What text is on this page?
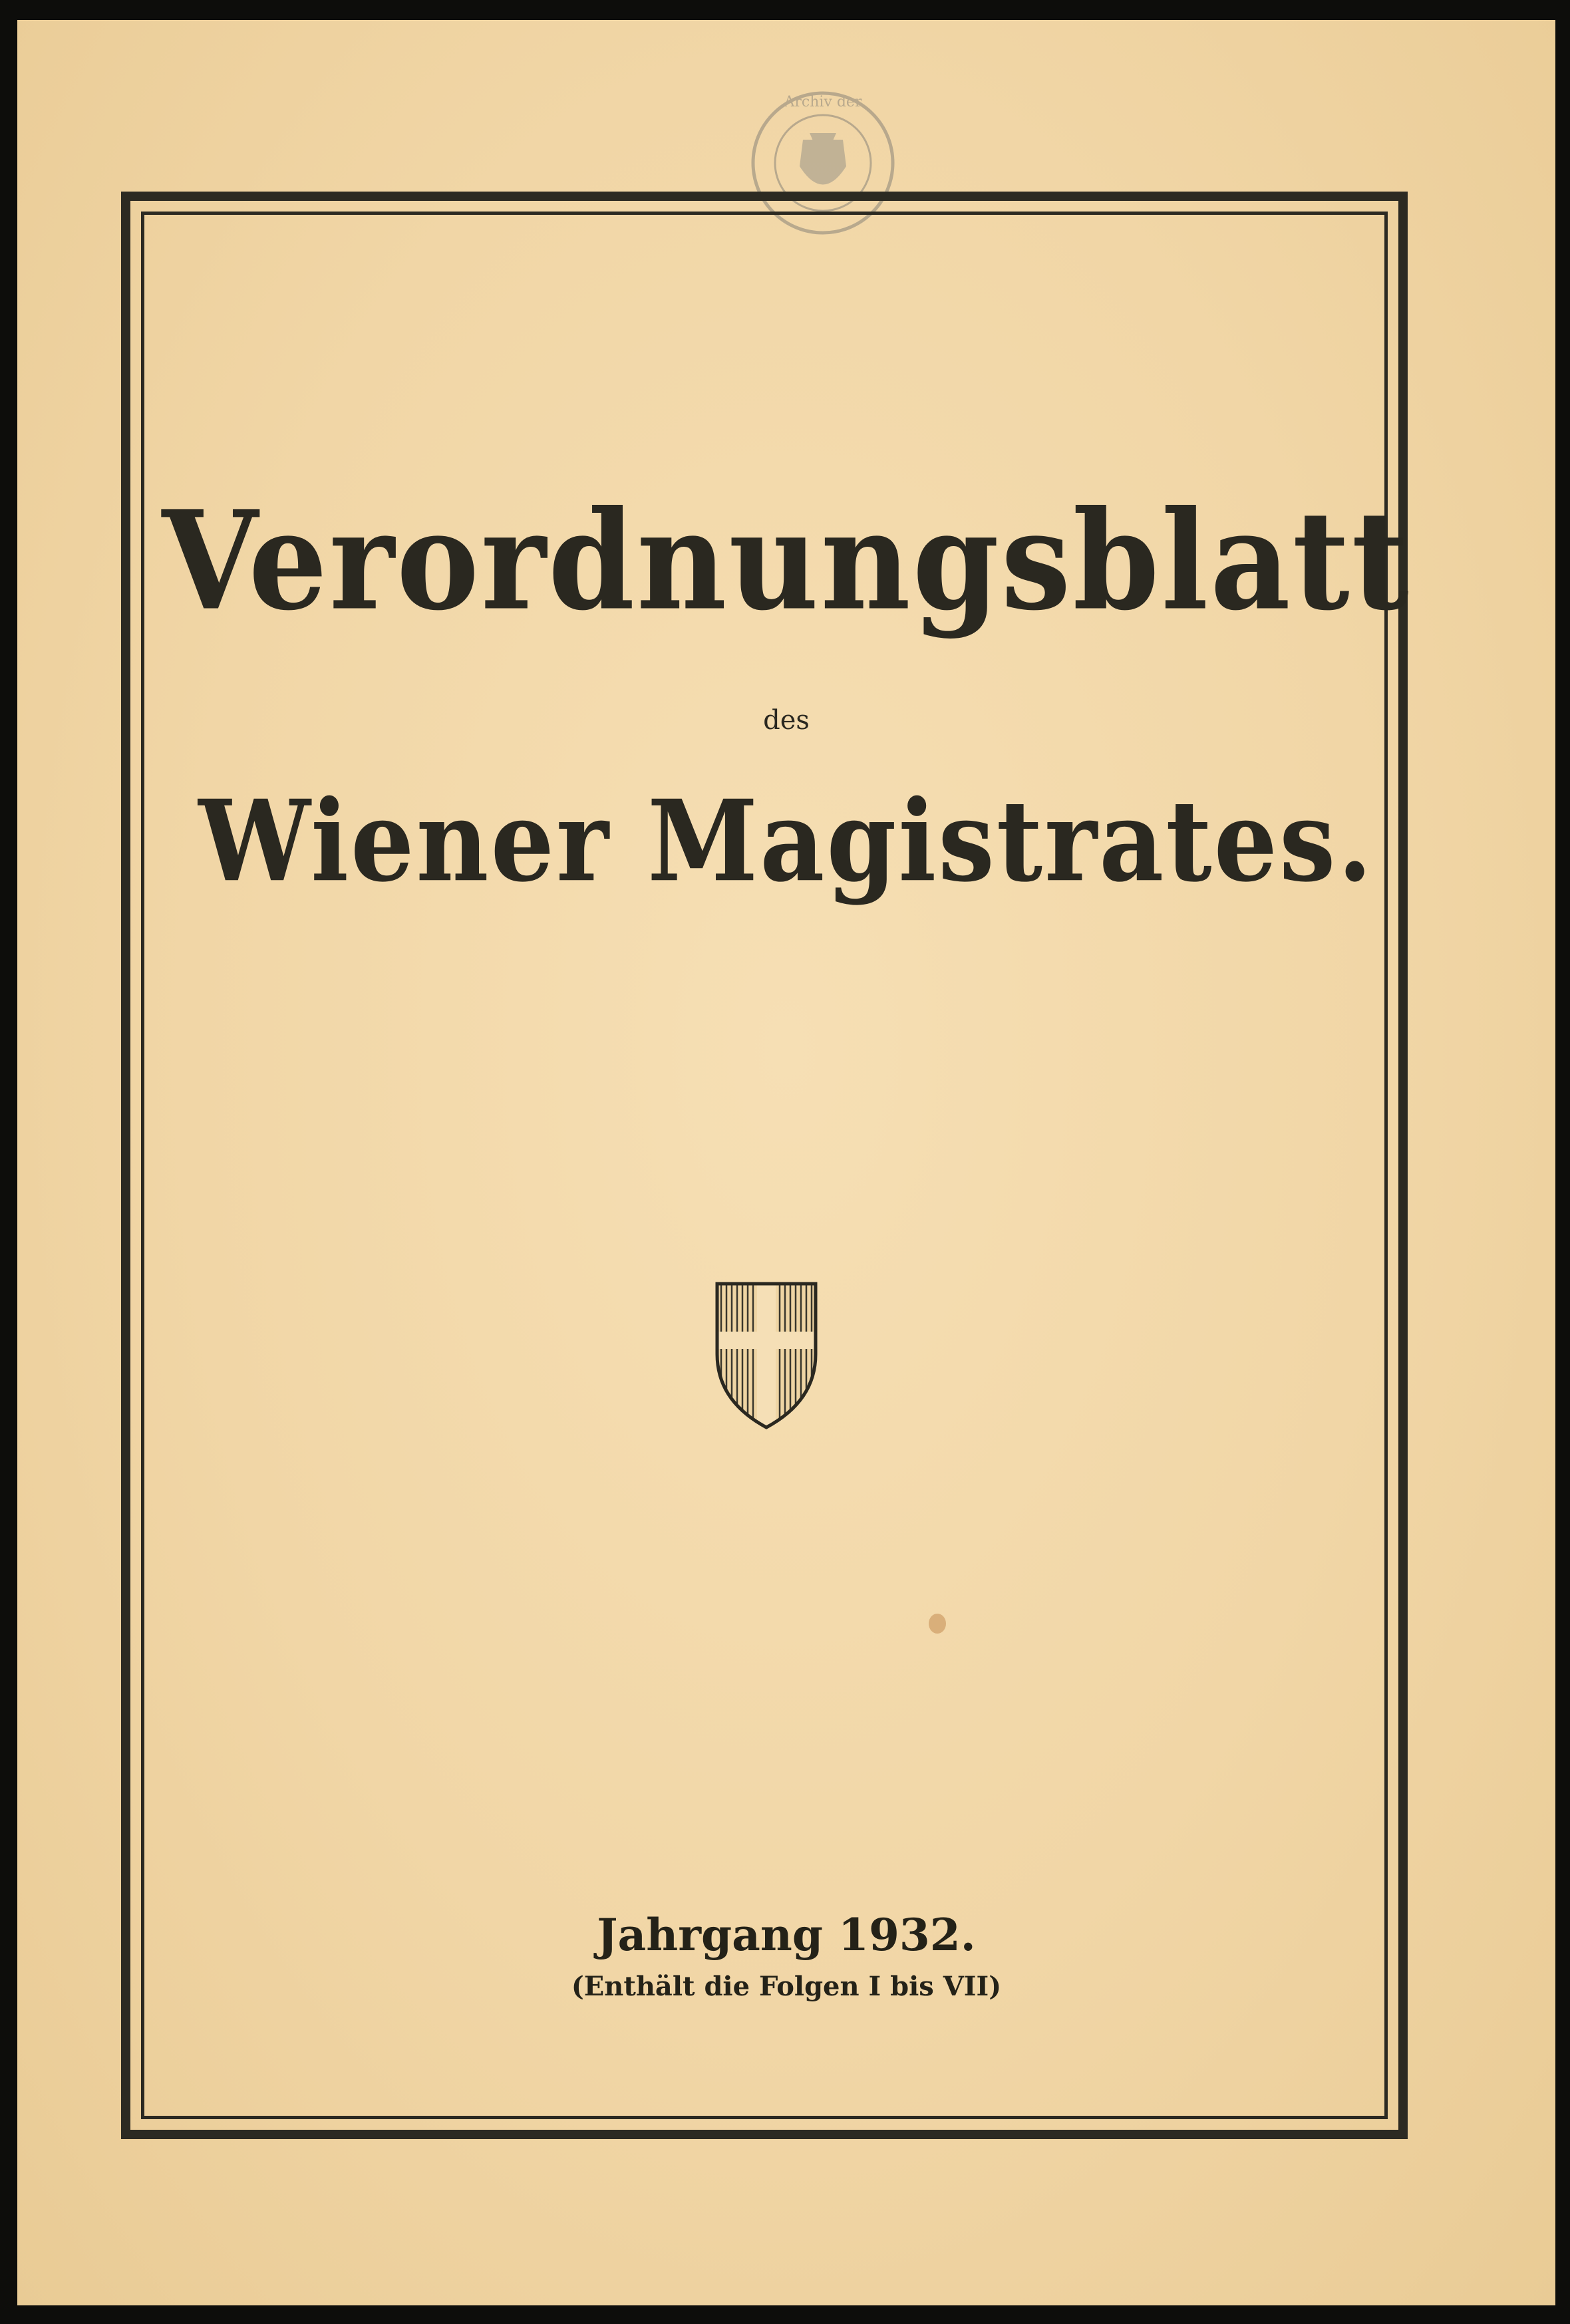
Archiv der
Verordnungsblatt
des
Wiener Magistrates.
Jahrgang 1932.
(Enthält die Folgen I bis VII)
